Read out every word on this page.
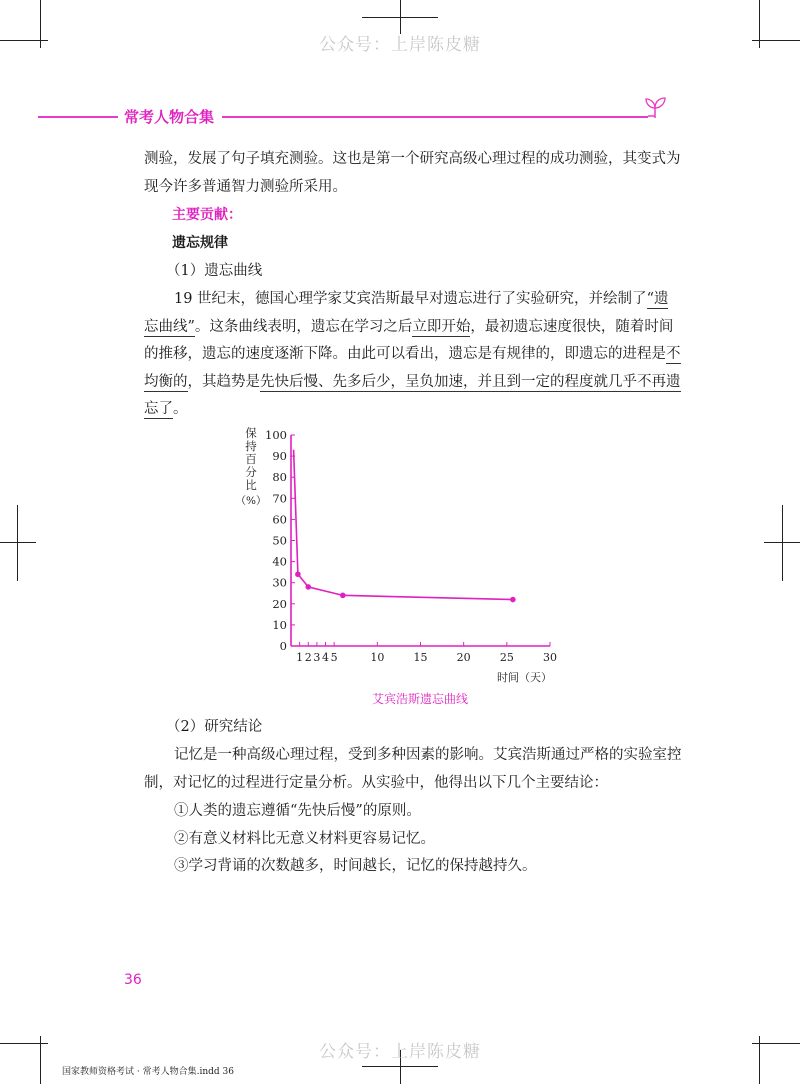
公众号：上岸陈皮糖
常考人物合集
测验，发展了句子填充测验。这也是第一个研究高级心理过程的成功测验，其变式为
现今许多普通智力测验所采用。
主要贡献：
遗忘规律
（1）遗忘曲线
19 世纪末，德国心理学家艾宾浩斯最早对遗忘进行了实验研究，并绘制了“遗
忘曲线”。这条曲线表明，遗忘在学习之后立即开始，最初遗忘速度很快，随着时间
的推移，遗忘的速度逐渐下降。由此可以看出，遗忘是有规律的，即遗忘的进程是不
均衡的，其趋势是先快后慢、先多后少，呈负加速，并且到一定的程度就几乎不再遗
忘了。
保
持
百
分
比
（%）
0
10
20
30
40
50
60
70
80
90
100
1 2 3 4 5	10	15	20	25	30
时间（天）
艾宾浩斯遗忘曲线
（2）研究结论
记忆是一种高级心理过程，受到多种因素的影响。艾宾浩斯通过严格的实验室控
制，对记忆的过程进行定量分析。从实验中，他得出以下几个主要结论：
①人类的遗忘遵循“先快后慢”的原则。
②有意义材料比无意义材料更容易记忆。
③学习背诵的次数越多，时间越长，记忆的保持越持久。
36
公众号：上岸陈皮糖
国家教师资格考试 · 常考人物合集.indd 36
